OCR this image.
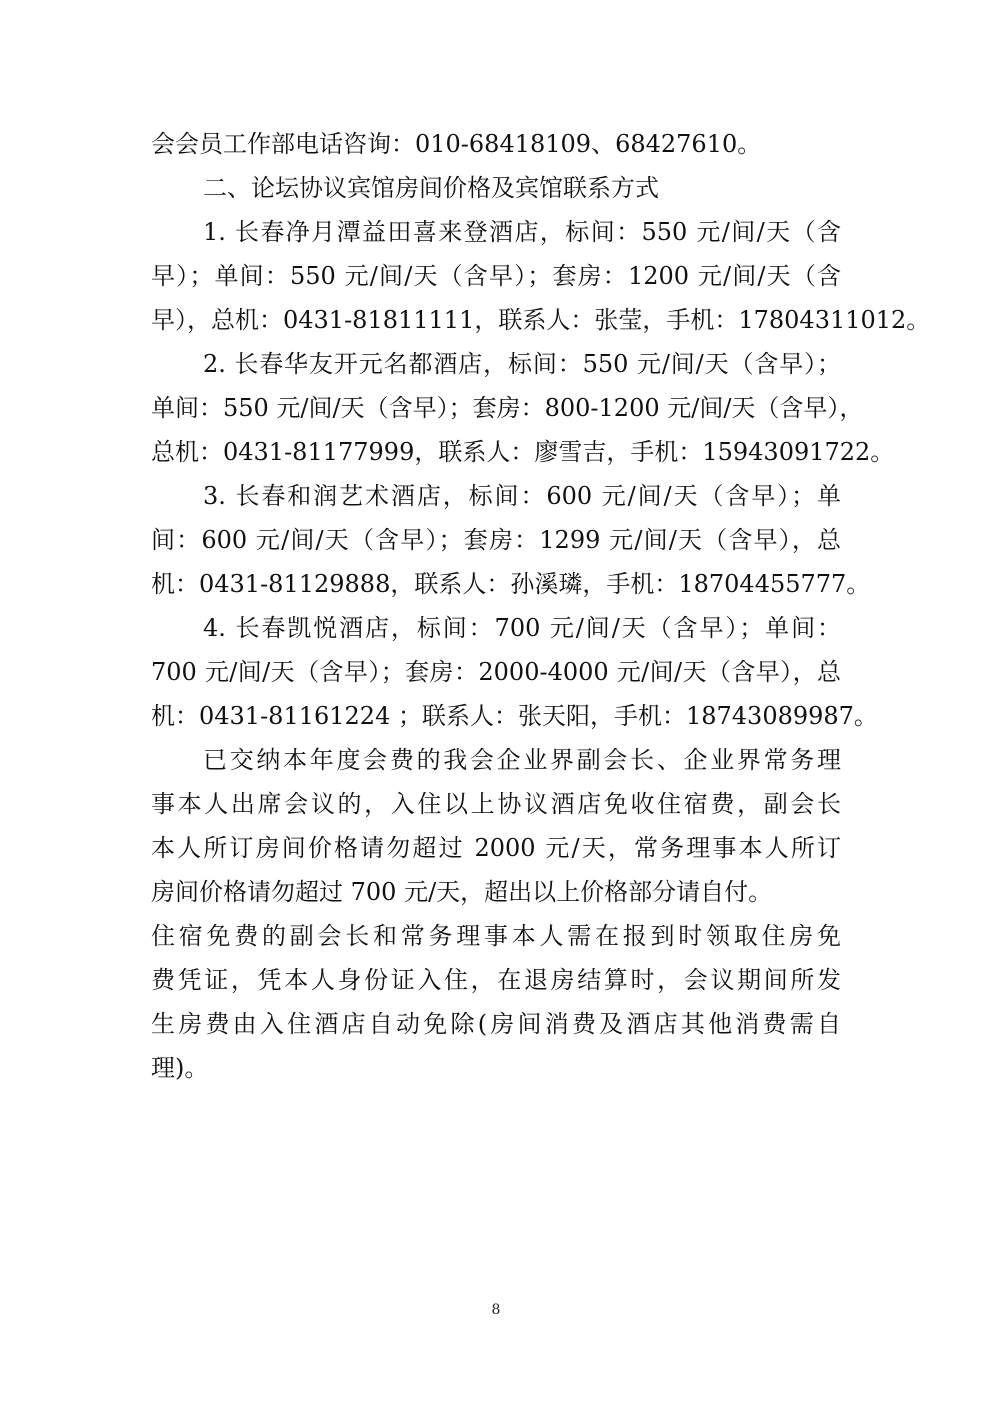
会会员工作部电话咨询：010-68418109、68427610。
二、论坛协议宾馆房间价格及宾馆联系方式
1. 长春净月潭益田喜来登酒店，标间：550 元/间/天（含
早）；单间：550 元/间/天（含早）；套房：1200 元/间/天（含
早），总机：0431-81811111，联系人：张莹，手机：17804311012。
2. 长春华友开元名都酒店，标间：550 元/间/天（含早）；
单间：550 元/间/天（含早）；套房：800-1200 元/间/天（含早），
总机：0431-81177999，联系人：廖雪吉，手机：15943091722。
3. 长春和润艺术酒店，标间：600 元/间/天（含早）；单
间：600 元/间/天（含早）；套房：1299 元/间/天（含早），总
机：0431-81129888，联系人：孙溪璘，手机：18704455777。
4. 长春凯悦酒店，标间：700 元/间/天（含早）；单间：
700 元/间/天（含早）；套房：2000-4000 元/间/天（含早），总
机：0431-81161224 ；联系人：张天阳，手机：18743089987。
已交纳本年度会费的我会企业界副会长、企业界常务理
事本人出席会议的，入住以上协议酒店免收住宿费，副会长
本人所订房间价格请勿超过 2000 元/天，常务理事本人所订
房间价格请勿超过 700 元/天，超出以上价格部分请自付。
住宿免费的副会长和常务理事本人需在报到时领取住房免
费凭证，凭本人身份证入住，在退房结算时，会议期间所发
生房费由入住酒店自动免除(房间消费及酒店其他消费需自
理)。
8
